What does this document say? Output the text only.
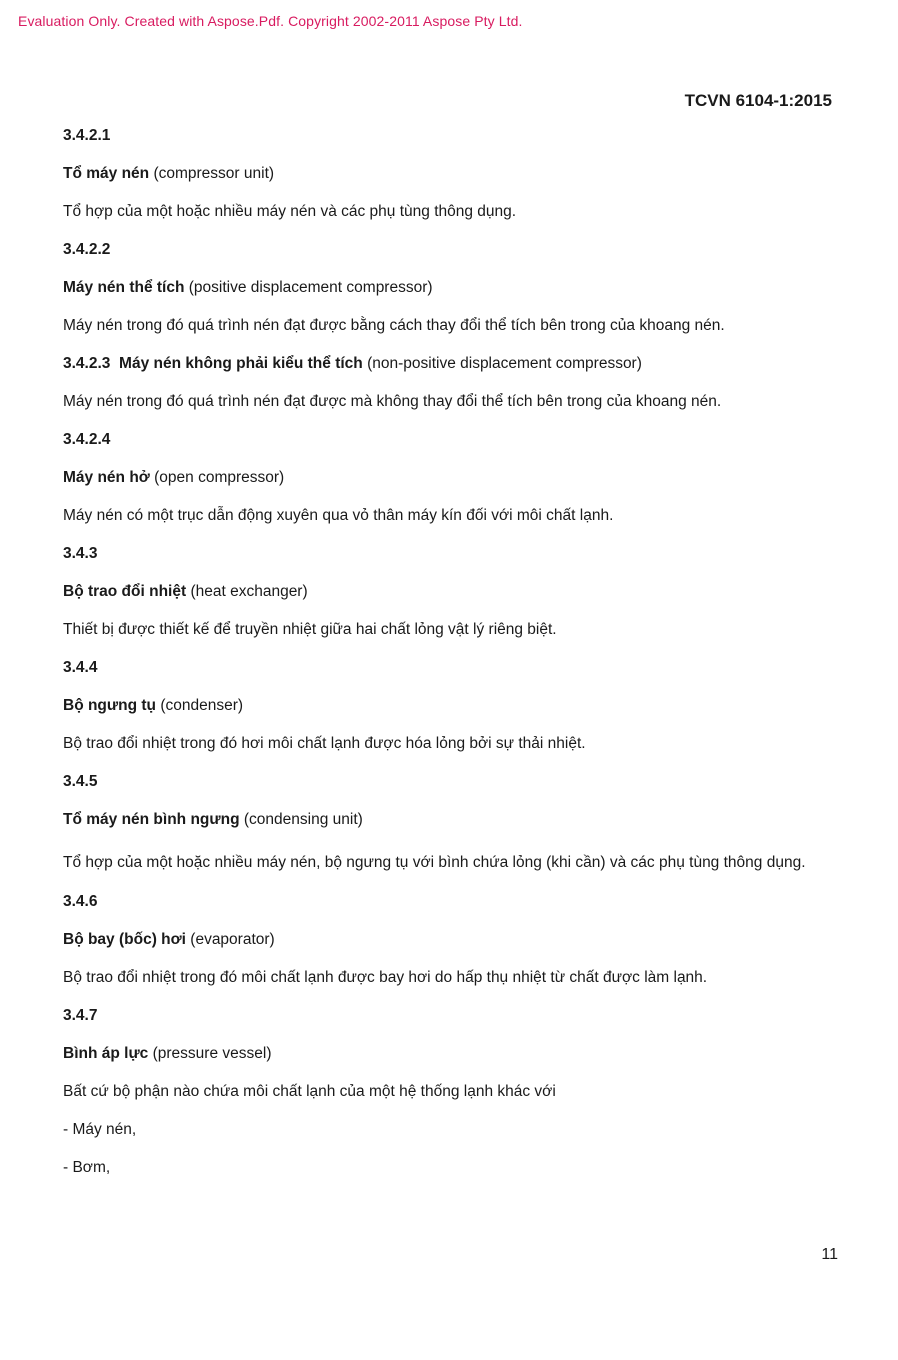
Evaluation Only. Created with Aspose.Pdf. Copyright 2002-2011 Aspose Pty Ltd.
TCVN 6104-1:2015
3.4.2.1
Tổ máy nén (compressor unit)
Tổ hợp của một hoặc nhiều máy nén và các phụ tùng thông dụng.
3.4.2.2
Máy nén thể tích (positive displacement compressor)
Máy nén trong đó quá trình nén đạt được bằng cách thay đổi thể tích bên trong của khoang nén.
3.4.2.3 Máy nén không phải kiểu thể tích (non-positive displacement compressor)
Máy nén trong đó quá trình nén đạt được mà không thay đổi thể tích bên trong của khoang nén.
3.4.2.4
Máy nén hở (open compressor)
Máy nén có một trục dẫn động xuyên qua vỏ thân máy kín đối với môi chất lạnh.
3.4.3
Bộ trao đổi nhiệt (heat exchanger)
Thiết bị được thiết kế để truyền nhiệt giữa hai chất lỏng vật lý riêng biệt.
3.4.4
Bộ ngưng tụ (condenser)
Bộ trao đổi nhiệt trong đó hơi môi chất lạnh được hóa lỏng bởi sự thải nhiệt.
3.4.5
Tổ máy nén bình ngưng (condensing unit)
Tổ hợp của một hoặc nhiều máy nén, bộ ngưng tụ với bình chứa lỏng (khi cần) và các phụ tùng thông dụng.
3.4.6
Bộ bay (bốc) hơi (evaporator)
Bộ trao đổi nhiệt trong đó môi chất lạnh được bay hơi do hấp thụ nhiệt từ chất được làm lạnh.
3.4.7
Bình áp lực (pressure vessel)
Bất cứ bộ phận nào chứa môi chất lạnh của một hệ thống lạnh khác với
- Máy nén,
- Bơm,
11
